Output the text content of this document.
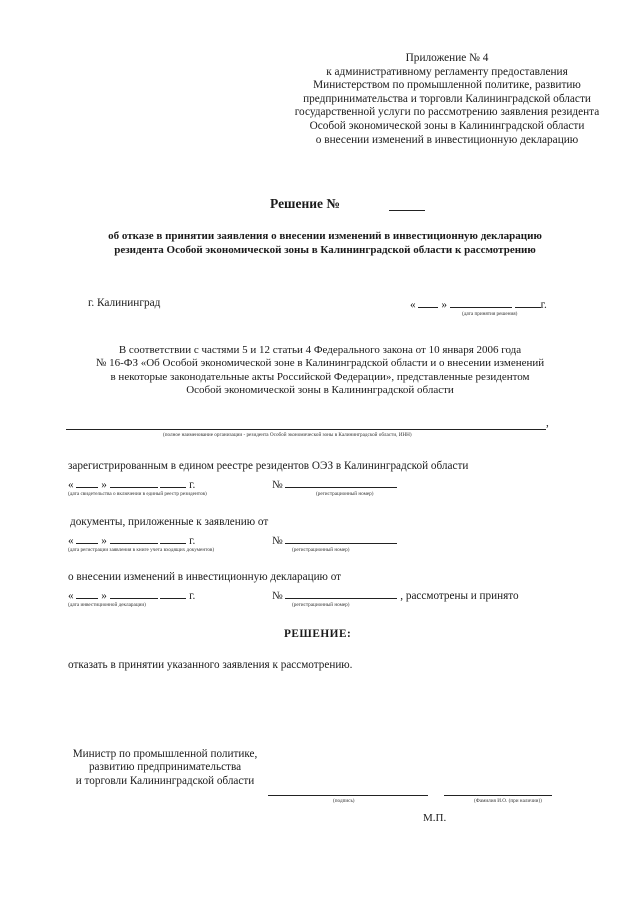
Приложение № 4
к административному регламенту предоставления
Министерством по промышленной политике, развитию
предпринимательства и торговли Калининградской области
государственной услуги по рассмотрению заявления резидента
Особой экономической зоны в Калининградской области
о внесении изменений в инвестиционную декларацию
Решение №
об отказе в принятии заявления о внесении изменений в инвестиционную декларацию
резидента Особой экономической зоны в Калининградской области к рассмотрению
г. Калининград	« »	г.
(дата принятия решения)
В соответствии с частями 5 и 12 статьи 4 Федерального закона от 10 января 2006 года
№ 16-ФЗ «Об Особой экономической зоне в Калининградской области и о внесении изменений
в некоторые законодательные акты Российской Федерации», представленные резидентом
Особой экономической зоны в Калининградской области
,
(полное наименование организации - резидента Особой экономической зоны в Калининградской области, ИНН)
зарегистрированным в едином реестре резидентов ОЭЗ в Калининградской области
« »	г.	№
(дата свидетельства о включении в единый реестр резидентов)	(регистрационный номер)
документы, приложенные к заявлению от
« »	г.	№
(дата регистрации заявления в книге учета входящих документов)	(регистрационный номер)
о внесении изменений в инвестиционную декларацию от
« »	г.	№	, рассмотрены и принято
(дата инвестиционной декларации)	(регистрационный номер)
РЕШЕНИЕ:
отказать в принятии указанного заявления к рассмотрению.
Министр по промышленной политике,
развитию предпринимательства
и торговли Калининградской области
(подпись)	(Фамилия И.О. (при наличии))
М.П.
